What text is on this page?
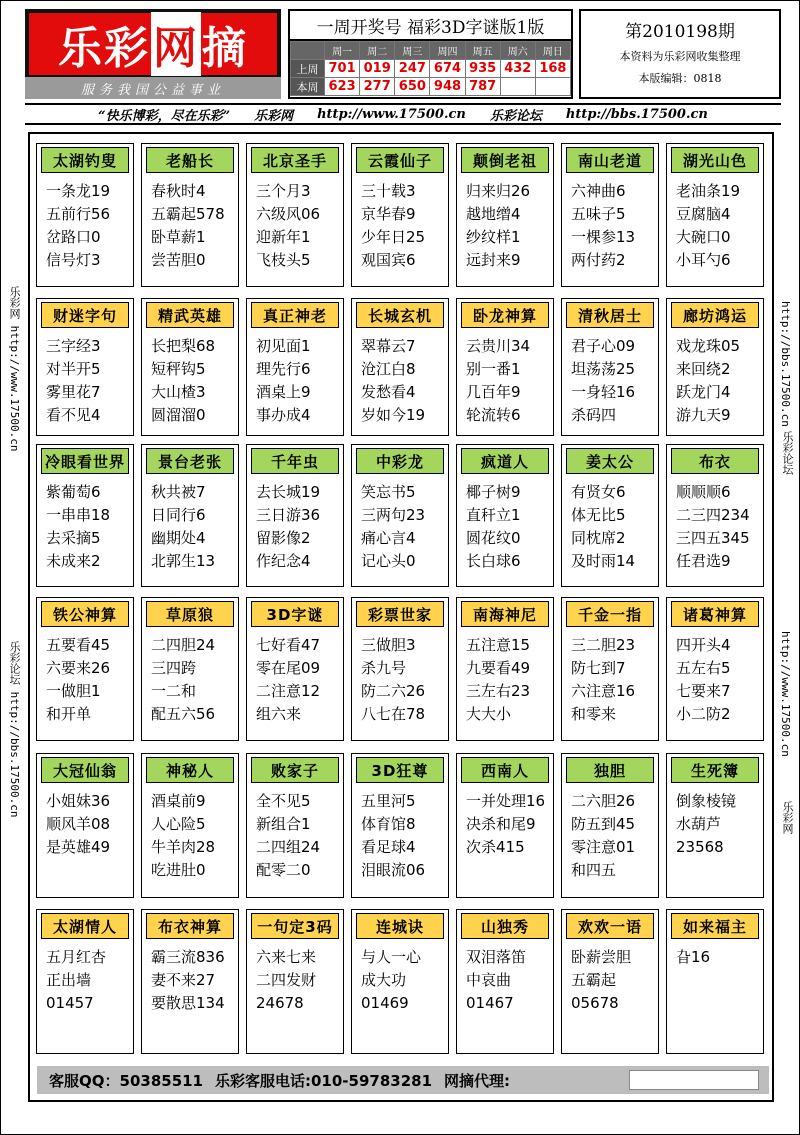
乐彩网摘
服务我国公益事业
一周开奖号 福彩3D字谜版1版
	周一	周二	周三	周四	周五	周六	周日
上周	701	019	247	674	935	432	168
本周	623	277	650	948	787		
第2010198期
本资料为乐彩网收集整理
本版编辑：0818
“快乐博彩，尽在乐彩” 乐彩网 http://www.17500.cn 乐彩论坛 http://bbs.17500.cn
乐彩网 http://www.17500.cn
乐彩论坛 http://bbs.17500.cn
http://bbs.17500.cn
乐彩论坛
http://www.17500.cn
乐彩网
太湖钓叟
一条龙19
五前行56
岔路口0
信号灯3
老船长
春秋时4
五霸起578
卧草薪1
尝苦胆0
北京圣手
三个月3
六级风06
迎新年1
飞枝头5
云霞仙子
三十载3
京华春9
少年日25
观国宾6
颠倒老祖
归来归26
越地缯4
纱纹样1
远封来9
南山老道
六神曲6
五味子5
一棵参13
两付药2
湖光山色
老油条19
豆腐脑4
大碗口0
小耳勺6
财迷字句
三字经3
对半开5
雾里花7
看不见4
精武英雄
长把梨68
短秤钩5
大山楂3
圆溜溜0
真正神老
初见面1
理先行6
酒桌上9
事办成4
长城玄机
翠幕云7
沧江白8
发愁看4
岁如今19
卧龙神算
云贵川34
别一番1
几百年9
轮流转6
清秋居士
君子心09
坦荡荡25
一身轻16
杀码四
廊坊鸿运
戏龙珠05
来回绕2
跃龙门4
游九天9
冷眼看世界
紫葡萄6
一串串18
去采摘5
未成来2
景台老张
秋共被7
日同行6
幽期处4
北郭生13
千年虫
去长城19
三日游36
留影像2
作纪念4
中彩龙
笑忘书5
三两句23
痛心言4
记心头0
疯道人
椰子树9
直秆立1
圆花纹0
长白球6
姜太公
有贤女6
体无比5
同枕席2
及时雨14
布衣
顺顺顺6
二三四234
三四五345
任君选9
铁公神算
五要看45
六要来26
一做胆1
和开单
草原狼
二四胆24
三四跨
一二和
配五六56
3D字谜
七好看47
零在尾09
二注意12
组六来
彩票世家
三做胆3
杀九号
防二六26
八七在78
南海神尼
五注意15
九要看49
三左右23
大大小
千金一指
三二胆23
防七到7
六注意16
和零来
诸葛神算
四开头4
五左右5
七要来7
小二防2
大冠仙翁
小姐妹36
顺风羊08
是英雄49
神秘人
酒桌前9
人心险5
牛羊肉28
吃进肚0
败家子
全不见5
新组合1
二四组24
配零二0
3D狂尊
五里河5
体育馆8
看足球4
泪眼流06
西南人
一并处理16
决杀和尾9
次杀415
独胆
二六胆26
防五到45
零注意01
和四五
生死簿
倒象棱镜
水葫芦
23568
太湖情人
五月红杏
正出墙
01457
布衣神算
霸三流836
妻不来27
要散思134
一句定3码
六来七来
二四发财
24678
连城诀
与人一心
成大功
01469
山独秀
双泪落笛
中哀曲
01467
欢欢一语
卧薪尝胆
五霸起
05678
如来福主
旮16
客服QQ：50385511 乐彩客服电话:010-59783281 网摘代理:
